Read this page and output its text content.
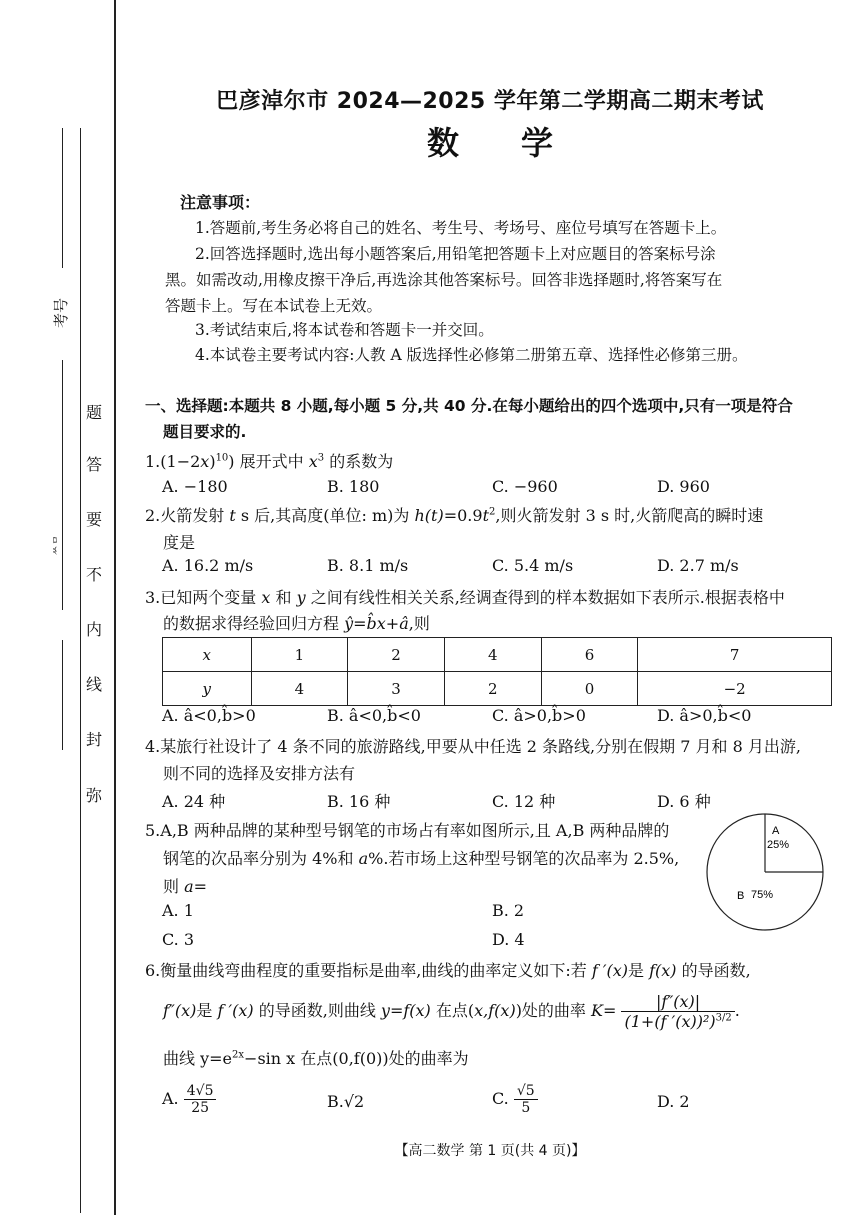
考号
ᄊᄆ
题
答
要
不
内
线
封
弥
巴彦淖尔市 2024—2025 学年第二学期高二期末考试
数学
注意事项：
1.答题前,考生务必将自己的姓名、考生号、考场号、座位号填写在答题卡上。
2.回答选择题时,选出每小题答案后,用铅笔把答题卡上对应题目的答案标号涂
黑。如需改动,用橡皮擦干净后,再选涂其他答案标号。回答非选择题时,将答案写在
答题卡上。写在本试卷上无效。
3.考试结束后,将本试卷和答题卡一并交回。
4.本试卷主要考试内容:人教 A 版选择性必修第二册第五章、选择性必修第三册。
一、选择题:本题共 8 小题,每小题 5 分,共 40 分.在每小题给出的四个选项中,只有一项是符合
题目要求的.
$1.(1-2x)^{10}$) 展开式中 $x^3$ 的系数为
A. −180	B. 180	C. −960	D. 960
2.火箭发射 t s 后,其高度(单位: m)为 $h(t)=0.9t^2$,则火箭发射 3 s 时,火箭爬高的瞬时速
度是
A. 16.2 m/s	B. 8.1 m/s	C. 5.4 m/s	D. 2.7 m/s
3.已知两个变量 x 和 y 之间有线性相关关系,经调查得到的样本数据如下表所示.根据表格中
的数据求得经验回归方程 ŷ=b̂x+â,则
x	1	2	4	6	7
y	4	3	2	0	−2
A. â<0,b̂>0	B. â<0,b̂<0	C. â>0,b̂>0	D. â>0,b̂<0
4.某旅行社设计了 4 条不同的旅游路线,甲要从中任选 2 条路线,分别在假期 7 月和 8 月出游,
则不同的选择及安排方法有
A. 24 种	B. 16 种	C. 12 种	D. 6 种
5.A,B 两种品牌的某种型号钢笔的市场占有率如图所示,且 A,B 两种品牌的
钢笔的次品率分别为 4%和 a%.若市场上这种型号钢笔的次品率为 2.5%,
则 a=
A. 1	B. 2
C. 3	D. 4
A
25%
B 75%
6.衡量曲线弯曲程度的重要指标是曲率,曲线的曲率定义如下:若 f ′(x)是 f(x) 的导函数,
f″(x)是 f ′(x) 的导函数,则曲线 y=f(x) 在点(x,f(x))处的曲率 $K= \frac{|f''(x)|}{(1+(f '(x))^2)^{3/2}}$ .
曲线 $y=e^{2x}-\sin$ x 在点(0,f(0))处的曲率为
A. $\frac{4√5}{25}$	B.√2	C. $\frac{√5}{5}$	D. 2
【高二数学 第 1 页(共 4 页)】
